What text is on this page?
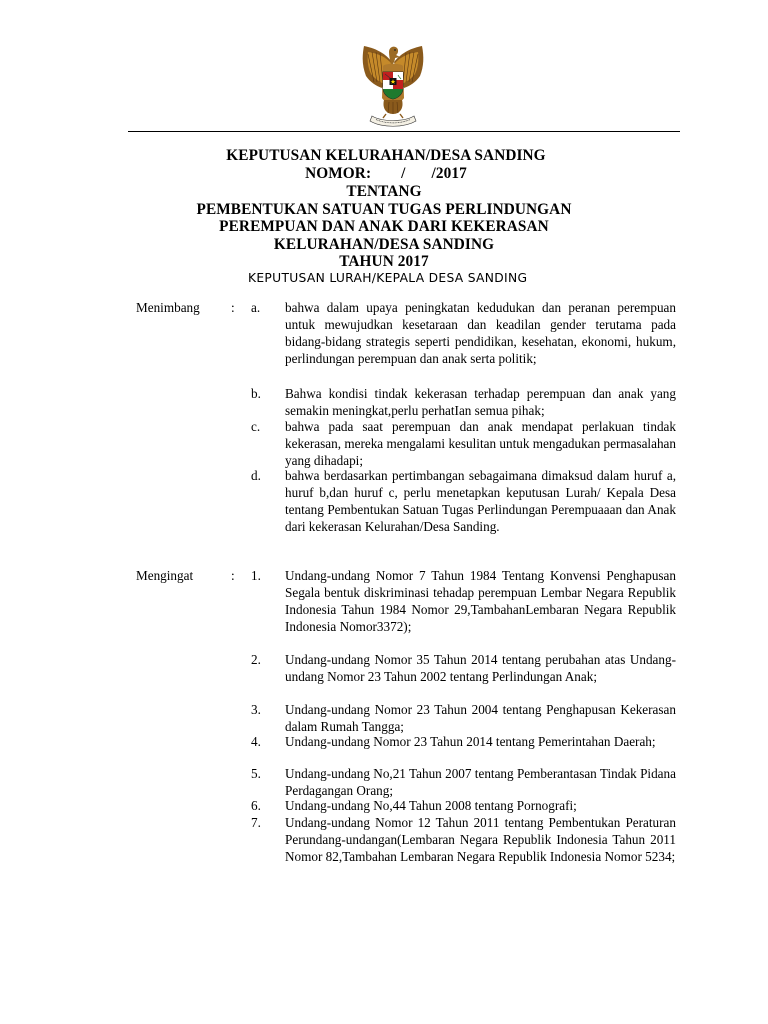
KEPUTUSAN KELURAHAN/DESA SANDING
NOMOR: / /2017
TENTANG
PEMBENTUKAN SATUAN TUGAS PERLINDUNGAN
PEREMPUAN DAN ANAK DARI KEKERASAN
KELURAHAN/DESA SANDING
TAHUN 2017
KEPUTUSAN LURAH/KEPALA DESA SANDING
Menimbang : a. bahwa dalam upaya peningkatan kedudukan dan peranan perempuan untuk mewujudkan kesetaraan dan keadilan gender terutama pada bidang-bidang strategis seperti pendidikan, kesehatan, ekonomi, hukum, perlindungan perempuan dan anak serta politik;
b. Bahwa kondisi tindak kekerasan terhadap perempuan dan anak yang semakin meningkat,perlu perhatIan semua pihak;
c. bahwa pada saat perempuan dan anak mendapat perlakuan tindak kekerasan, mereka mengalami kesulitan untuk mengadukan permasalahan yang dihadapi;
d. bahwa berdasarkan pertimbangan sebagaimana dimaksud dalam huruf a, huruf b,dan huruf c, perlu menetapkan keputusan Lurah/ Kepala Desa tentang Pembentukan Satuan Tugas Perlindungan Perempuaaan dan Anak dari kekerasan Kelurahan/Desa Sanding.
Mengingat	: 1. Undang-undang Nomor 7 Tahun 1984 Tentang Konvensi Penghapusan Segala bentuk diskriminasi tehadap perempuan Lembar Negara Republik Indonesia Tahun 1984 Nomor 29,TambahanLembaran Negara Republik Indonesia Nomor3372);
2. Undang-undang Nomor 35 Tahun 2014 tentang perubahan atas Undang-undang Nomor 23 Tahun 2002 tentang Perlindungan Anak;
3. Undang-undang Nomor 23 Tahun 2004 tentang Penghapusan Kekerasan dalam Rumah Tangga;
4. Undang-undang Nomor 23 Tahun 2014 tentang Pemerintahan Daerah;
5. Undang-undang No,21 Tahun 2007 tentang Pemberantasan Tindak Pidana Perdagangan Orang;
6. Undang-undang No,44 Tahun 2008 tentang Pornografi;
7. Undang-undang Nomor 12 Tahun 2011 tentang Pembentukan Peraturan Perundang-undangan(Lembaran Negara Republik Indonesia Tahun 2011 Nomor 82,Tambahan Lembaran Negara Republik Indonesia Nomor 5234;
